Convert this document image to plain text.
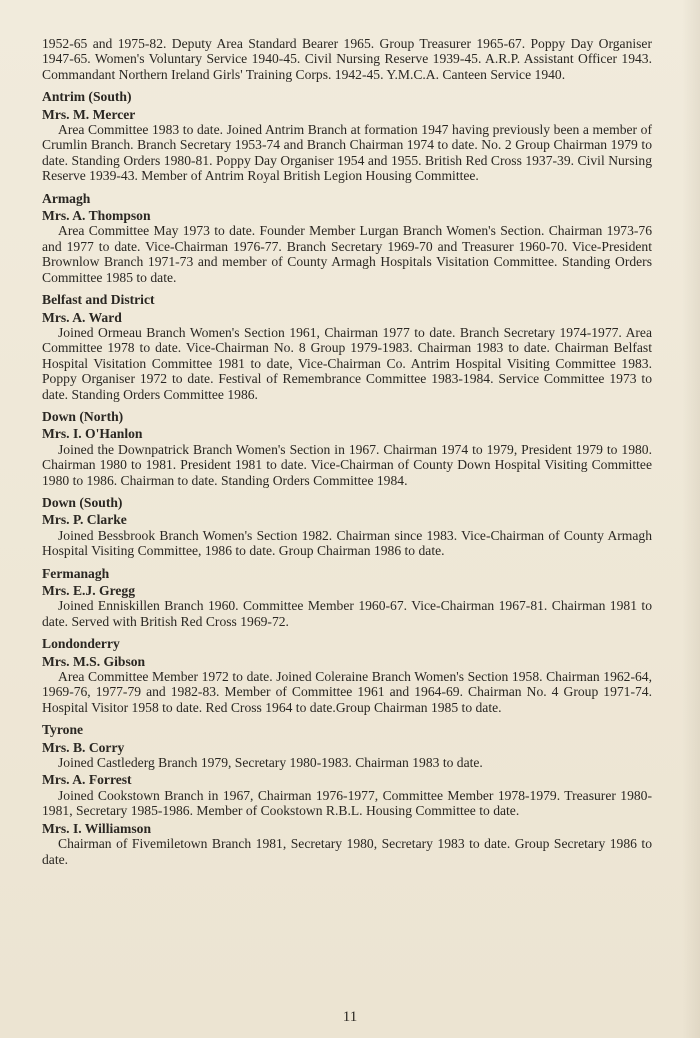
1952-65 and 1975-82. Deputy Area Standard Bearer 1965. Group Treasurer 1965-67. Poppy Day Organiser 1947-65. Women's Voluntary Service 1940-45. Civil Nursing Reserve 1939-45. A.R.P. Assistant Officer 1943. Commandant Northern Ireland Girls' Training Corps. 1942-45. Y.M.C.A. Canteen Service 1940.

Antrim (South)
Mrs. M. Mercer

Area Committee 1983 to date. Joined Antrim Branch at formation 1947 having previously been a member of Crumlin Branch. Branch Secretary 1953-74 and Branch Chairman 1974 to date. No. 2 Group Chairman 1979 to date. Standing Orders 1980-81. Poppy Day Organiser 1954 and 1955. British Red Cross 1937-39. Civil Nursing Reserve 1939-43. Member of Antrim Royal British Legion Housing Committee.

Armagh
Mrs. A. Thompson

Area Committee May 1973 to date. Founder Member Lurgan Branch Women's Section. Chairman 1973-76 and 1977 to date. Vice-Chairman 1976-77. Branch Secretary 1969-70 and Treasurer 1960-70. Vice-President Brownlow Branch 1971-73 and member of County Armagh Hospitals Visitation Committee. Standing Orders Committee 1985 to date.

Belfast and District
Mrs. A. Ward

Joined Ormeau Branch Women's Section 1961, Chairman 1977 to date. Branch Secretary 1974-1977. Area Committee 1978 to date. Vice-Chairman No. 8 Group 1979-1983. Chairman 1983 to date. Chairman Belfast Hospital Visitation Committee 1981 to date, Vice-Chairman Co. Antrim Hospital Visiting Committee 1983. Poppy Organiser 1972 to date. Festival of Remembrance Committee 1983-1984. Service Committee 1973 to date. Standing Orders Committee 1986.

Down (North)
Mrs. I. O'Hanlon

Joined the Downpatrick Branch Women's Section in 1967. Chairman 1974 to 1979, President 1979 to 1980. Chairman 1980 to 1981. President 1981 to date. Vice-Chairman of County Down Hospital Visiting Committee 1980 to 1986. Chairman to date. Standing Orders Committee 1984.

Down (South)
Mrs. P. Clarke

Joined Bessbrook Branch Women's Section 1982. Chairman since 1983. Vice-Chairman of County Armagh Hospital Visiting Committee, 1986 to date. Group Chairman 1986 to date.

Fermanagh
Mrs. E.J. Gregg

Joined Enniskillen Branch 1960. Committee Member 1960-67. Vice-Chairman 1967-81. Chairman 1981 to date. Served with British Red Cross 1969-72.

Londonderry
Mrs. M.S. Gibson

Area Committee Member 1972 to date. Joined Coleraine Branch Women's Section 1958. Chairman 1962-64, 1969-76, 1977-79 and 1982-83. Member of Committee 1961 and 1964-69. Chairman No. 4 Group 1971-74. Hospital Visitor 1958 to date. Red Cross 1964 to date.Group Chairman 1985 to date.

Tyrone
Mrs. B. Corry

Joined Castlederg Branch 1979, Secretary 1980-1983. Chairman 1983 to date.

Mrs. A. Forrest

Joined Cookstown Branch in 1967, Chairman 1976-1977, Committee Member 1978-1979. Treasurer 1980-1981, Secretary 1985-1986. Member of Cookstown R.B.L. Housing Committee to date.

Mrs. I. Williamson

Chairman of Fivemiletown Branch 1981, Secretary 1980, Secretary 1983 to date. Group Secretary 1986 to date.

11
